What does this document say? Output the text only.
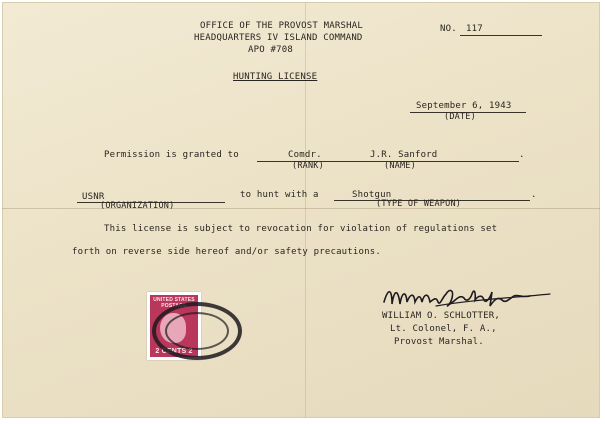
OFFICE OF THE PROVOST MARSHAL
HEADQUARTERS IV ISLAND COMMAND
APO #708
NO. 117
HUNTING LICENSE
September 6, 1943
(DATE)
Permission is granted to	Comdr.	J.R. Sanford
(RANK)	(NAME)
.
USNR
(ORGANIZATION)
to hunt with a	Shotgun
(TYPE OF WEAPON)
.
This license is subject to revocation for violation of regulations set
forth on reverse side hereof and/or safety precautions.
WILLIAM O. SCHLOTTER,
Lt. Colonel, F. A.,
Provost Marshal.
UNITED STATES POSTAGE
2 CENTS 2
